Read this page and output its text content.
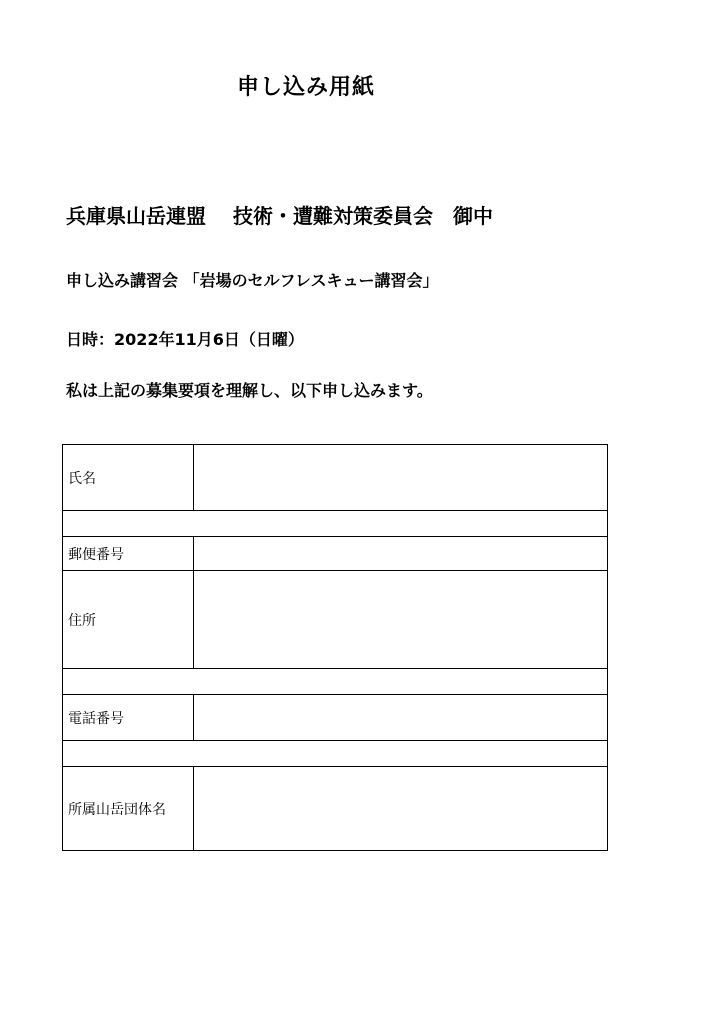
申し込み用紙
兵庫県山岳連盟　 技術・遭難対策委員会　御中
申し込み講習会 「岩場のセルフレスキュー講習会」
日時：2022年11月6日（日曜）
私は上記の募集要項を理解し、以下申し込みます。
氏名	

郵便番号	
住所	

電話番号	

所属山岳団体名	
